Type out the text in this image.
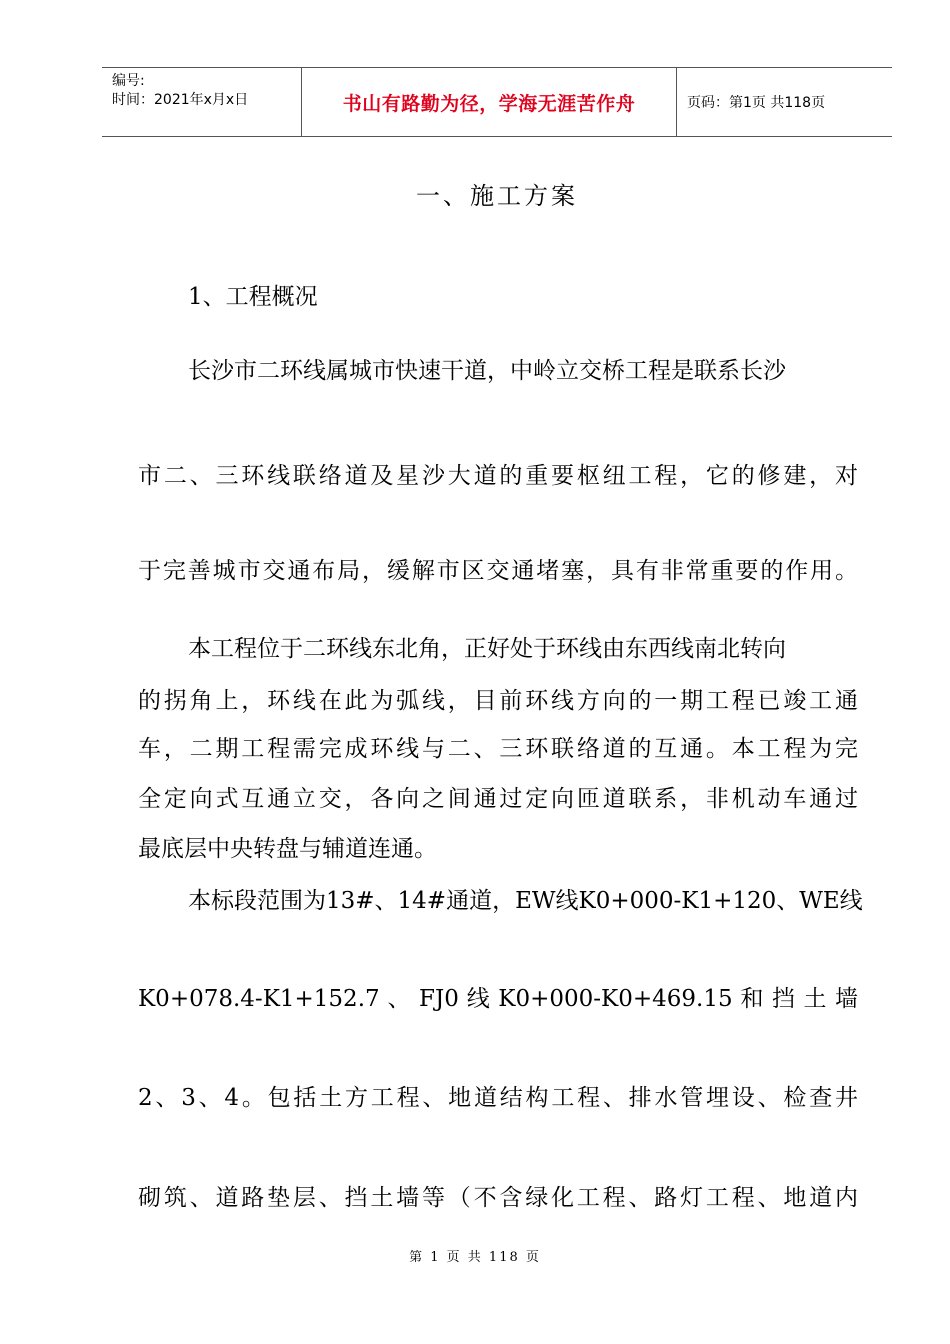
编号:
时间：2021年x月x日	书山有路勤为径，学海无涯苦作舟	页码：第1页 共118页
一、施工方案
1、工程概况
长沙市二环线属城市快速干道，中岭立交桥工程是联系长沙
市二、三环线联络道及星沙大道的重要枢纽工程，它的修建，对
于完善城市交通布局，缓解市区交通堵塞，具有非常重要的作用。
本工程位于二环线东北角，正好处于环线由东西线南北转向
的拐角上，环线在此为弧线，目前环线方向的一期工程已竣工通
车，二期工程需完成环线与二、三环联络道的互通。本工程为完
全定向式互通立交，各向之间通过定向匝道联系，非机动车通过
最底层中央转盘与辅道连通。
本标段范围为13#、14#通道，EW线K0+000-K1+120、WE线
K0+078.4-K1+152.7 、 FJ0 线 K0+000-K0+469.15 和 挡 土 墙
2、3、4。包括土方工程、地道结构工程、排水管埋设、检查井
砌筑、道路垫层、挡土墙等（不含绿化工程、路灯工程、地道内
第 1 页 共 118 页
